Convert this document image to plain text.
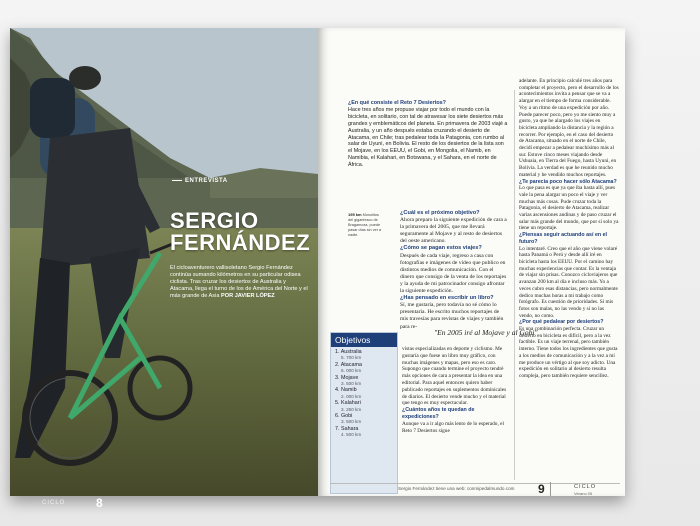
ENTREVISTA
SERGIO
FERNÁNDEZ
El cicloaventurero vallisoletano Sergio Fernández continúa sumando kilómetros en su particular odisea ciclista. Tras cruzar los desiertos de Australia y Atacama, llega el turno de los de América del Norte y el más grande de Asia POR JAVIER LÓPEZ
CICLO	8
¿En qué consiste el Reto 7 Desiertos?
Hace tres años me propuse viajar por todo el mundo con la bicicleta, en solitario, con tal de atravesar los siete desiertos más grandes y emblemáticos del planeta. En primavera de 2003 viajé a Australia, y un año después estaba cruzando el desierto de Atacama, en Chile; tras pedalear toda la Patagonia, con rumbo al salar de Uyuni, en Bolivia. El resto de los desiertos de la lista son el Mojave, en los EEUU, el Gobi, en Mongolia, el Namib, en Namibia, el Kalahari, en Botswana, y el Sahara, en el norte de África.
195 km Monolitos del gigantesco de Bragamoza, puede pasar días sin ver a nadie.
¿Cuál es el próximo objetivo?
Ahora preparo la siguiente expedición de cara a la primavera del 2005, que me llevará seguramente al Mojave y al resto de desiertos del oeste americano.
¿Cómo se pagan estos viajes?
Después de cada viaje, regreso a casa con fotografías e imágenes de vídeo que publico en distintos medios de comunicación. Con el dinero que consigo de la venta de los reportajes y la ayuda de mi patrocinador consigo afrontar la siguiente expedición.
¿Has pensado en escribir un libro?
Sí, me gustaría, pero todavía no sé cómo lo presentaría. He escrito muchos reportajes de mis travesías para revistas de viajes y también para re-
adelante. En principio calculé tres años para completar el proyecto, pero el desarrollo de los acontecimientos invita a pensar que se va a alargar en el tiempo de forma considerable. Voy a un ritmo de una expedición por año. Puede parecer poco, pero yo me siento muy a gusto, ya que he alargado los viajes en bicicleta ampliando la distancia y la región a recorrer. Por ejemplo, en el caso del desierto de Atacama, situado en el norte de Chile, decidí empezar a pedalear muchísimo más al sur. Estuve cinco meses viajando desde Ushuaia, en Tierra del Fuego, hasta Uyuni, en Bolivia. La verdad es que he reunido mucho material y he vendido muchos reportajes.
¿Te parecía poco hacer sólo Atacama?
Lo que pasa es que ya que iba hasta allí, pues vale la pena alargar un poco el viaje y ver muchas más cosas. Pude cruzar toda la Patagonia, el desierto de Atacama, realizar varias ascensiones andinas y de paso cruzar el salar más grande del mundo, que por sí solo ya tiene un reportaje.
¿Piensas seguir actuando así en el futuro?
Lo intentaré. Creo que el año que viene volaré hasta Panamá o Perú y desde allí iré en bicicleta hasta los EEUU. Por el camino hay muchas experiencias que contar. Es la ventaja de viajar sin prisas. Conozco cicloviajeros que avanzan 200 km al día e incluso más. Yo a veces cubro esas distancias, pero normalmente dedico muchas horas a mi trabajo como fotógrafo. Es cuestión de prioridades. Si mis fotos son malas, no las vendo y si no las vendo, no como.
¿Por qué pedalear por desiertos?
Es una combinación perfecta. Cruzar un desierto en bicicleta es difícil, pero a la vez factible. Es un viaje terrenal, pero también interno. Tiene todos los ingredientes que gusta a los medios de comunicación y a la vez a mí me produce un vértigo al que soy adicto. Una expedición en solitario al desierto resulta compleja, pero también requiere sencillez.
"En 2005 iré al Mojave y al Gobi"
Objetivos
1. Australia
5. 700 km
2. Atacama
6. 000 km
3. Mojave
3. 500 km
4. Namib
2. 000 km
5. Kalahari
3. 250 km
6. Gobi
3. 500 km
7. Sahara
4. 500 km
vistas especializadas en deporte y ciclismo. Me gustaría que fuese un libro muy gráfico, con muchas imágenes y mapas, pero eso es caro. Supongo que cuando termine el proyecto tendré más opciones de cara a presentar la idea en una editorial. Para aquel entonces quiero haber publicado reportajes en suplementos dominicales de diarios. El desierto vende mucho y el material que tengo es muy espectacular.
¿Cuántos años te quedan de expediciones?
Aunque va a ir algo más lento de lo esperado, el Reto 7 Desiertos sigue
Sergio Fernández tiene una web: conmipedalmundo.com 9	CICLO
Verano 05
